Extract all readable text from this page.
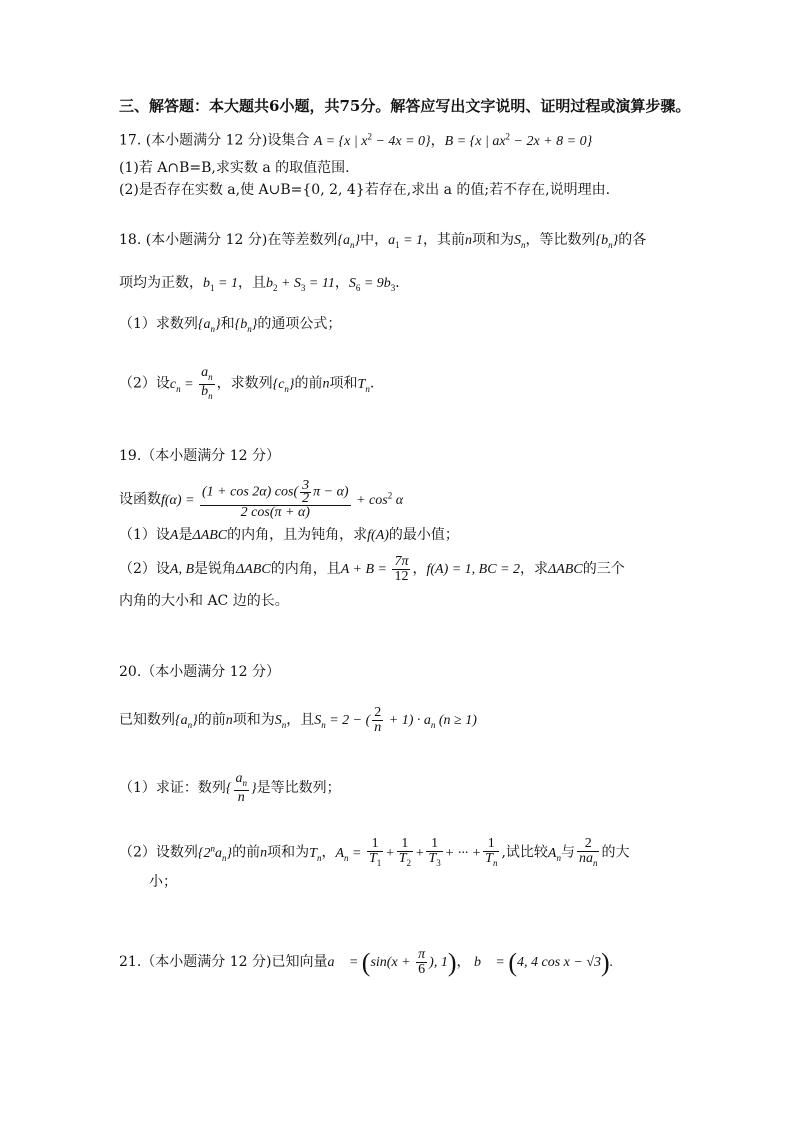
三、解答题：本大题共6小题，共75分。解答应写出文字说明、证明过程或演算步骤。
17. (本小题满分 12 分)设集合 A = {x | $x^2 - 4x = 0$}，B = {x | $ax^2 - 2x + 8 = 0$}
(1)若 A∩B=B,求实数 a 的取值范围.
(2)是否存在实数 a,使 A∪B={0, 2, 4}若存在,求出 a 的值;若不存在,说明理由.
18. (本小题满分 12 分)在等差数列$\{a_n\}$中，$a_1 = 1$，其前n项和为$S_n$，等比数列$\{b_n\}$的各
项均为正数，$b_1 = 1$，且$b_2 + S_3 = 11$，$S_6 = 9b_3$．
（1）求数列$\{a_n\}$和$\{b_n\}$的通项公式；
（2）设$c_n = \frac{a_n}{b_n}$ ，求数列$\{c_n\}$的前n项和$T_n$.
19.（本小题满分 12 分）
设函数$f(\alpha) = \frac{(1 + \cos 2\alpha) \cos( \frac{3}{2} \pi - \alpha)}{2 \cos(\pi + \alpha)} + \cos^2 \alpha$
（1）设A是ΔABC的内角，且为钝角，求f(A)的最小值；
（2）设A, B是锐角ΔABC的内角，且$A + B = \frac{7\pi}{12}$ ，f(A) = 1, BC = 2，求ΔABC的三个
内角的大小和 AC 边的长。
20.（本小题满分 12 分）
已知数列$\{a_n\}$的前n项和为$S_n$，且$S_n = 2$ − ( $\frac{2}{n} + 1) \cdot a_n$ (n ≥ 1)
（1）求证：数列{ $\frac{a_n}{n}$ }是等比数列；
（2）设数列$\{2^na_n\}$的前n项和为$T_n$，$A_n = \frac{1}{T_1} + \frac{1}{T_2} + \frac{1}{T_3}$ + ··· + $\frac{1}{T_n}$ ,试比较$A_n$与 $\frac{2}{na_n}$ 的大
小；
21.（本小题满分 12 分)已知向量a⃗ = ($\sin(x + \frac{\pi}{6}$ ), 1)， b⃗ = (4, 4 cos x − √3).
